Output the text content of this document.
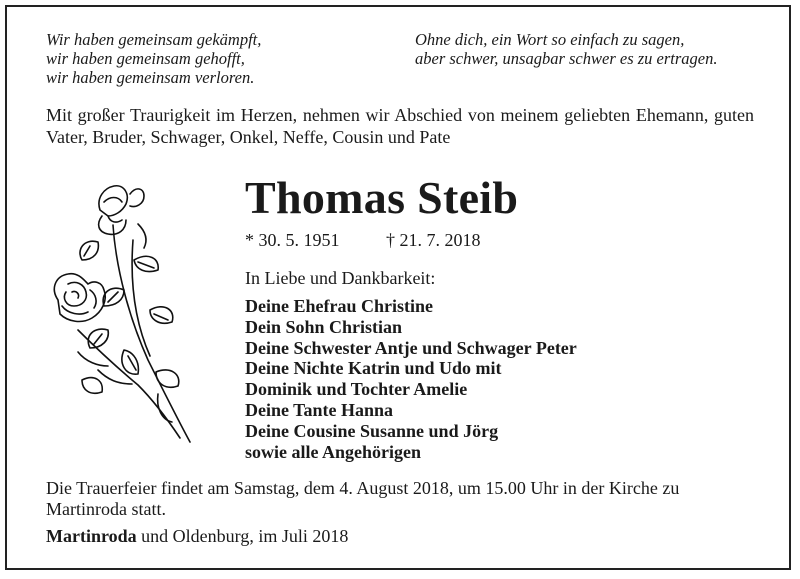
Wir haben gemeinsam gekämpft,
wir haben gemeinsam gehofft,
wir haben gemeinsam verloren.
Ohne dich, ein Wort so einfach zu sagen,
aber schwer, unsagbar schwer es zu ertragen.
Mit großer Traurigkeit im Herzen, nehmen wir Abschied von meinem geliebten Ehemann, guten Vater, Bruder, Schwager, Onkel, Neffe, Cousin und Pate
Thomas Steib
* 30. 5. 1951	† 21. 7. 2018
In Liebe und Dankbarkeit:
Deine Ehefrau Christine
Dein Sohn Christian
Deine Schwester Antje und Schwager Peter
Deine Nichte Katrin und Udo mit
Dominik und Tochter Amelie
Deine Tante Hanna
Deine Cousine Susanne und Jörg
sowie alle Angehörigen
Die Trauerfeier findet am Samstag, dem 4. August 2018, um 15.00 Uhr in der Kirche zu Martinroda statt.
Martinroda und Oldenburg, im Juli 2018
